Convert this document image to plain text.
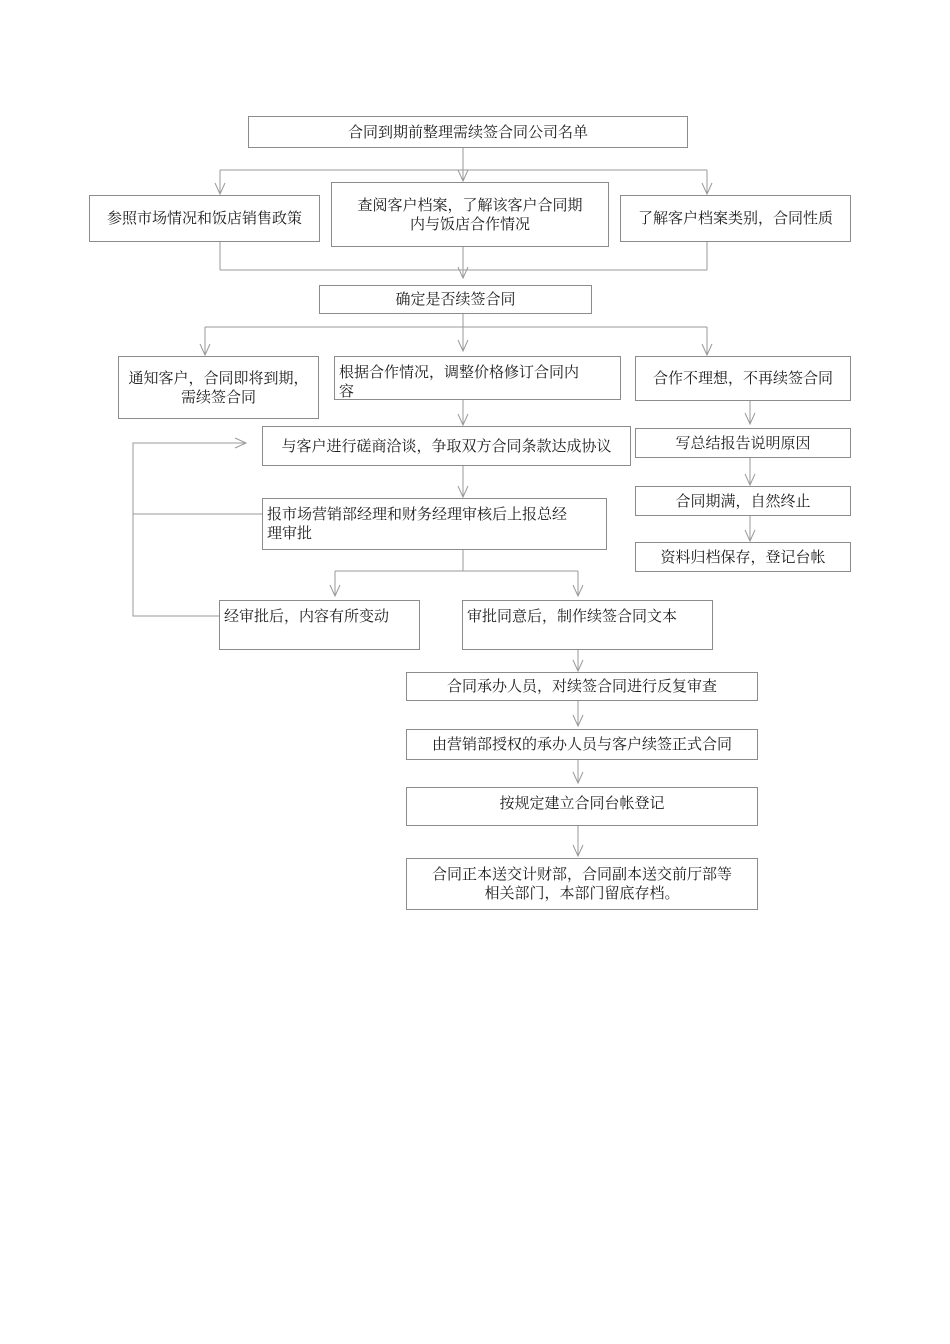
合同到期前整理需续签合同公司名单
参照市场情况和饭店销售政策
查阅客户档案，了解该客户合同期
内与饭店合作情况	了解客户档案类别，合同性质
确定是否续签合同
通知客户，合同即将到期，
需续签合同
根据合作情况，调整价格修订合同内
容
合作不理想，不再续签合同
与客户进行磋商洽谈，争取双方合同条款达成协议	写总结报告说明原因
报市场营销部经理和财务经理审核后上报总经
理审批
合同期满，自然终止
资料归档保存，登记台帐
经审批后，内容有所变动	审批同意后，制作续签合同文本
合同承办人员，对续签合同进行反复审查
由营销部授权的承办人员与客户续签正式合同
按规定建立合同台帐登记
合同正本送交计财部，合同副本送交前厅部等
相关部门，本部门留底存档。
